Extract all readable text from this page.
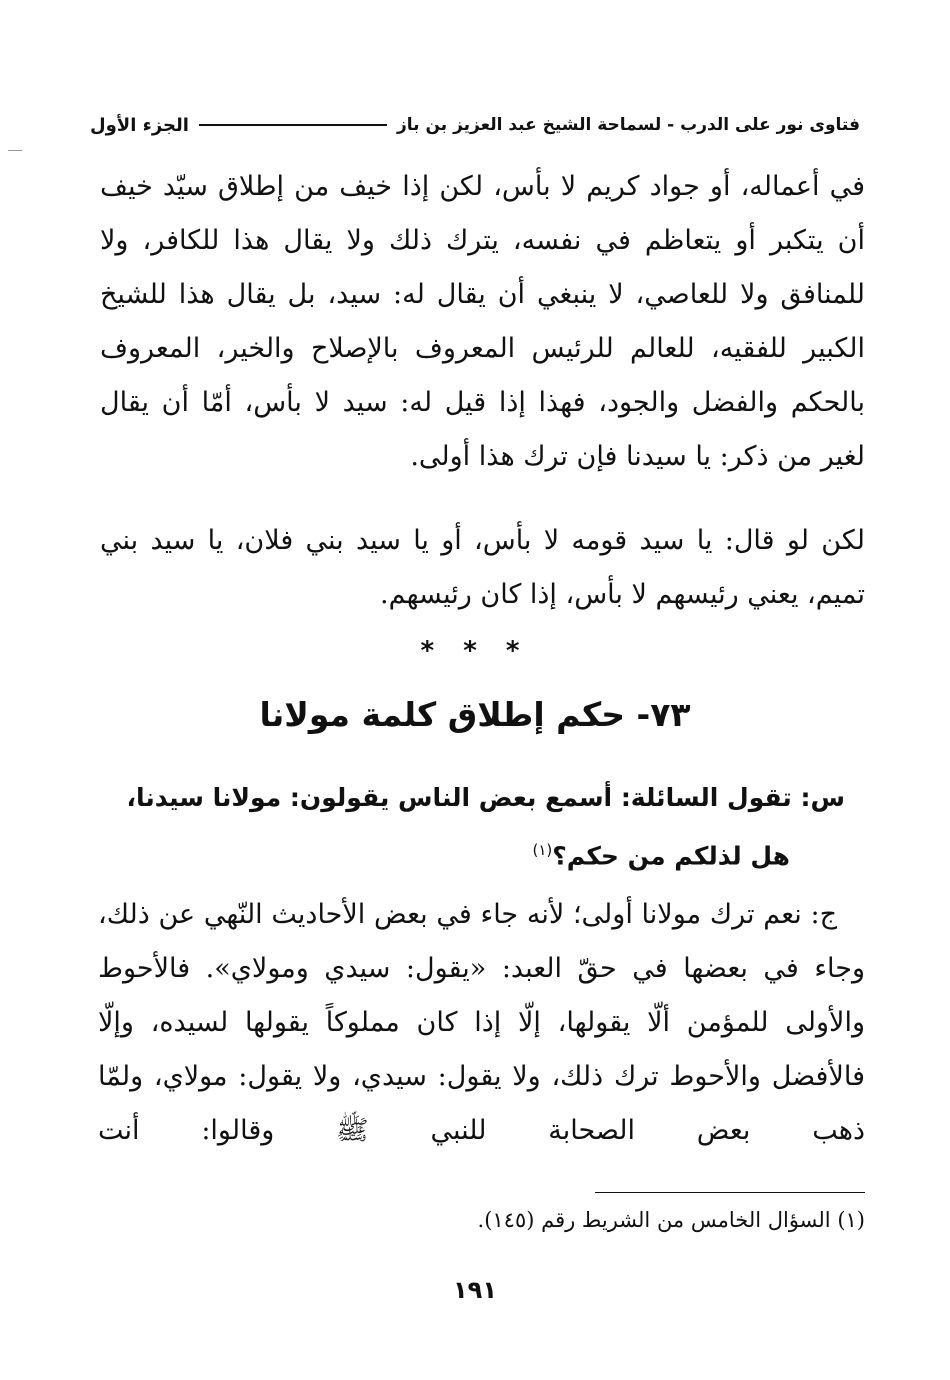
فتاوى نور على الدرب - لسماحة الشيخ عبد العزيز بن باز
الجزء الأول
في أعماله، أو جواد كريم لا بأس، لكن إذا خيف من إطلاق سيّد خيف أن يتكبر أو يتعاظم في نفسه، يترك ذلك ولا يقال هذا للكافر، ولا للمنافق ولا للعاصي، لا ينبغي أن يقال له: سيد، بل يقال هذا للشيخ الكبير للفقيه، للعالم للرئيس المعروف بالإصلاح والخير، المعروف بالحكم والفضل والجود، فهذا إذا قيل له: سيد لا بأس، أمّا أن يقال لغير من ذكر: يا سيدنا فإن ترك هذا أولى.
لكن لو قال: يا سيد قومه لا بأس، أو يا سيد بني فلان، يا سيد بني تميم، يعني رئيسهم لا بأس، إذا كان رئيسهم.
* * *
٧٣- حكم إطلاق كلمة مولانا
س: تقول السائلة: أسمع بعض الناس يقولون: مولانا سيدنا،
هل لذلكم من حكم؟$^{(١)}$
ج: نعم ترك مولانا أولى؛ لأنه جاء في بعض الأحاديث النّهي عن ذلك، وجاء في بعضها في حقّ العبد: «يقول: سيدي ومولاي». فالأحوط والأولى للمؤمن ألّا يقولها، إلّا إذا كان مملوكاً يقولها لسيده، وإلّا فالأفضل والأحوط ترك ذلك، ولا يقول: سيدي، ولا يقول: مولاي، ولمّا ذهب بعض الصحابة للنبي ﷺ وقالوا: أنت
(١) السؤال الخامس من الشريط رقم (١٤٥).
١٩١
